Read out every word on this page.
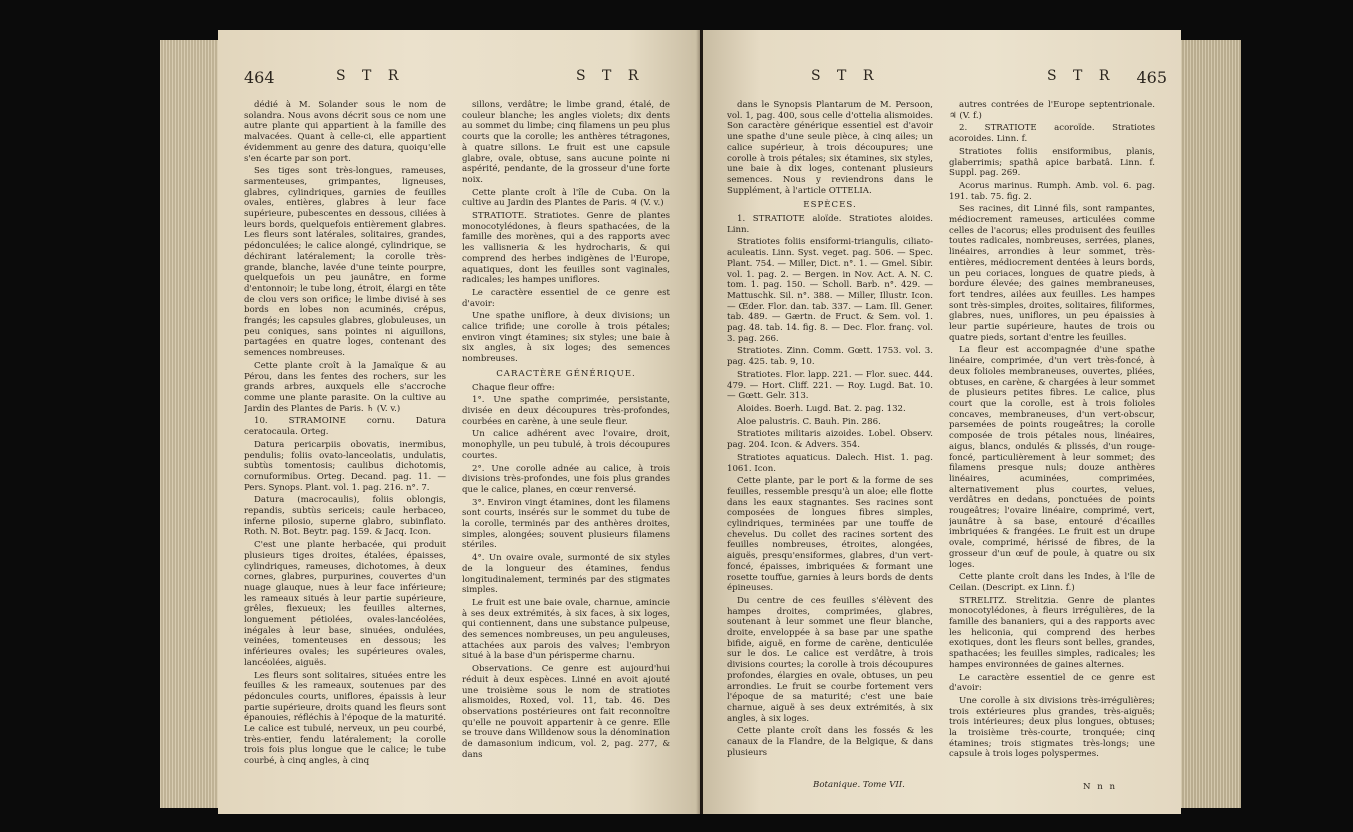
464	S T R	S T R

dédié à M. Solander sous le nom de solandra. Nous avons décrit sous ce nom une autre plante qui appartient à la famille des malvacées. Quant à celle-ci, elle appartient évidemment au genre des datura, quoiqu'elle s'en écarte par son port.

Ses tiges sont très-longues, rameuses, sarmenteuses, grimpantes, ligneuses, glabres, cylindriques, garnies de feuilles ovales, entières, glabres à leur face supérieure, pubescentes en dessous, ciliées à leurs bords, quelquefois entièrement glabres. Les fleurs sont latérales, solitaires, grandes, pédonculées; le calice alongé, cylindrique, se déchirant latéralement; la corolle très-grande, blanche, lavée d'une teinte pourpre, quelquefois un peu jaunâtre, en forme d'entonnoir; le tube long, étroit, élargi en tête de clou vers son orifice; le limbe divisé à ses bords en lobes non acuminés, crépus, frangés; les capsules glabres, globuleuses, un peu coniques, sans pointes ni aiguillons, partagées en quatre loges, contenant des semences nombreuses.

Cette plante croît à la Jamaïque & au Pérou, dans les fentes des rochers, sur les grands arbres, auxquels elle s'accroche comme une plante parasite. On la cultive au Jardin des Plantes de Paris. ♄ (V. v.)

10. STRAMOINE cornu. Datura ceratocaula. Orteg.

Datura pericarpiis obovatis, inermibus, pendulis; foliis ovato-lanceolatis, undulatis, subtùs tomentosis; caulibus dichotomis, cornuformibus. Orteg. Decand. pag. 11. — Pers. Synops. Plant. vol. 1. pag. 216. n°. 7.

Datura (macrocaulis), foliis oblongis, repandis, subtùs sericeis; caule herbaceo, inferne pilosio, superne glabro, subinflato. Roth. N. Bot. Beytr. pag. 159. & Jacq. Icon.

C'est une plante herbacée, qui produit plusieurs tiges droites, étalées, épaisses, cylindriques, rameuses, dichotomes, à deux cornes, glabres, purpurines, couvertes d'un nuage glauque, nues à leur face inférieure; les rameaux situés à leur partie supérieure, grêles, flexueux; les feuilles alternes, longuement pétiolées, ovales-lancéolées, inégales à leur base, sinuées, ondulées, veinées, tomenteuses en dessous; les inférieures ovales; les supérieures ovales, lancéolées, aiguës.

Les fleurs sont solitaires, situées entre les feuilles & les rameaux, soutenues par des pédoncules courts, uniflores, épaissis à leur partie supérieure, droits quand les fleurs sont épanouies, réfléchis à l'époque de la maturité. Le calice est tubulé, nerveux, un peu courbé, très-entier, fendu latéralement; la corolle trois fois plus longue que le calice; le tube courbé, à cinq angles, à cinq

sillons, verdâtre; le limbe grand, étalé, de couleur blanche; les angles violets; dix dents au sommet du limbe; cinq filamens un peu plus courts que la corolle; les anthères tétragones, à quatre sillons. Le fruit est une capsule glabre, ovale, obtuse, sans aucune pointe ni aspérité, pendante, de la grosseur d'une forte noix.

Cette plante croît à l'île de Cuba. On la cultive au Jardin des Plantes de Paris. ♃ (V. v.)

STRATIOTE. Stratiotes. Genre de plantes monocotylédones, à fleurs spathacées, de la famille des morènes, qui a des rapports avec les vallisneria & les hydrocharis, & qui comprend des herbes indigènes de l'Europe, aquatiques, dont les feuilles sont vaginales, radicales; les hampes uniflores.

Le caractère essentiel de ce genre est d'avoir:

Une spathe uniflore, à deux divisions; un calice trifide; une corolle à trois pétales; environ vingt étamines; six styles; une baie à six angles, à six loges; des semences nombreuses.

CARACTÈRE GÉNÉRIQUE.

Chaque fleur offre:

1°. Une spathe comprimée, persistante, divisée en deux découpures très-profondes, courbées en carène, à une seule fleur.

Un calice adhérent avec l'ovaire, droit, monophylle, un peu tubulé, à trois découpures courtes.

2°. Une corolle adnée au calice, à trois divisions très-profondes, une fois plus grandes que le calice, planes, en cœur renversé.

3°. Environ vingt étamines, dont les filamens sont courts, insérés sur le sommet du tube de la corolle, terminés par des anthères droites, simples, alongées; souvent plusieurs filamens stériles.

4°. Un ovaire ovale, surmonté de six styles de la longueur des étamines, fendus longitudinalement, terminés par des stigmates simples.

Le fruit est une baie ovale, charnue, amincie à ses deux extrémités, à six faces, à six loges, qui contiennent, dans une substance pulpeuse, des semences nombreuses, un peu anguleuses, attachées aux parois des valves; l'embryon situé à la base d'un périsperme charnu.

Observations. Ce genre est aujourd'hui réduit à deux espèces. Linné en avoit ajouté une troisième sous le nom de stratiotes alismoides, Roxed, vol. 11, tab. 46. Des observations postérieures ont fait reconnoître qu'elle ne pouvoit appartenir à ce genre. Elle se trouve dans Willdenow sous la dénomination de damasonium indicum, vol. 2, pag. 277, & dans

S T R	S T R 465

dans le Synopsis Plantarum de M. Persoon, vol. 1, pag. 400, sous celle d'ottelia alismoides. Son caractère générique essentiel est d'avoir une spathe d'une seule pièce, à cinq ailes; un calice supérieur, à trois découpures; une corolle à trois pétales; six étamines, six styles, une baie à dix loges, contenant plusieurs semences. Nous y reviendrons dans le Supplément, à l'article OTTELIA.

ESPÈCES.

1. STRATIOTE aloïde. Stratiotes aloides. Linn.

Stratiotes foliis ensiformi-triangulis, ciliato-aculeatis. Linn. Syst. veget. pag. 506. — Spec. Plant. 754. — Miller, Dict. n°. 1. — Gmel. Sibir. vol. 1. pag. 2. — Bergen. in Nov. Act. A. N. C. tom. 1. pag. 150. — Scholl. Barb. n°. 429. — Mattuschk. Sil. n°. 388. — Miller, Illustr. Icon. — Œder. Flor. dan. tab. 337. — Lam. Ill. Gener. tab. 489. — Gærtn. de Fruct. & Sem. vol. 1. pag. 48. tab. 14. fig. 8. — Dec. Flor. franç. vol. 3. pag. 266.

Stratiotes. Zinn. Comm. Gœtt. 1753. vol. 3. pag. 425. tab. 9, 10.

Stratiotes. Flor. lapp. 221. — Flor. suec. 444. 479. — Hort. Cliff. 221. — Roy. Lugd. Bat. 10. — Gœtt. Gelr. 313.

Aloides. Boerh. Lugd. Bat. 2. pag. 132.

Aloe palustris. C. Bauh. Pin. 286.

Stratiotes militaris aizoides. Lobel. Observ. pag. 204. Icon. & Advers. 354.

Stratiotes aquaticus. Dalech. Hist. 1. pag. 1061. Icon.

Cette plante, par le port & la forme de ses feuilles, ressemble presqu'à un aloe; elle flotte dans les eaux stagnantes. Ses racines sont composées de longues fibres simples, cylindriques, terminées par une touffe de chevelus. Du collet des racines sortent des feuilles nombreuses, étroites, alongées, aiguës, presqu'ensiformes, glabres, d'un vert-foncé, épaisses, imbriquées & formant une rosette touffue, garnies à leurs bords de dents épineuses.

Du centre de ces feuilles s'élèvent des hampes droites, comprimées, glabres, soutenant à leur sommet une fleur blanche, droite, enveloppée à sa base par une spathe bifide, aiguë, en forme de carène, denticulée sur le dos. Le calice est verdâtre, à trois divisions courtes; la corolle à trois découpures profondes, élargies en ovale, obtuses, un peu arrondies. Le fruit se courbe fortement vers l'époque de sa maturité; c'est une baie charnue, aiguë à ses deux extrémités, à six angles, à six loges.

Cette plante croît dans les fossés & les canaux de la Flandre, de la Belgique, & dans plusieurs

Botanique. Tome VII.

autres contrées de l'Europe septentrionale. ♃ (V. f.)

2. STRATIOTE acoroïde. Stratiotes acoroides. Linn. f.

Stratiotes foliis ensiformibus, planis, glaberrimis; spathâ apice barbatâ. Linn. f. Suppl. pag. 269.

Acorus marinus. Rumph. Amb. vol. 6. pag. 191. tab. 75. fig. 2.

Ses racines, dit Linné fils, sont rampantes, médiocrement rameuses, articulées comme celles de l'acorus; elles produisent des feuilles toutes radicales, nombreuses, serrées, planes, linéaires, arrondies à leur sommet, très-entières, médiocrement dentées à leurs bords, un peu coriaces, longues de quatre pieds, à bordure élevée; des gaines membraneuses, fort tendres, ailées aux feuilles. Les hampes sont très-simples, droites, solitaires, filiformes, glabres, nues, uniflores, un peu épaissies à leur partie supérieure, hautes de trois ou quatre pieds, sortant d'entre les feuilles.

La fleur est accompagnée d'une spathe linéaire, comprimée, d'un vert très-foncé, à deux folioles membraneuses, ouvertes, pliées, obtuses, en carène, & chargées à leur sommet de plusieurs petites fibres. Le calice, plus court que la corolle, est à trois folioles concaves, membraneuses, d'un vert-obscur, parsemées de points rougeâtres; la corolle composée de trois pétales nous, linéaires, aigus, blancs, ondulés & plissés, d'un rouge-foncé, particulièrement à leur sommet; des filamens presque nuls; douze anthères linéaires, acuminées, comprimées, alternativement plus courtes, velues, verdâtres en dedans, ponctuées de points rougeâtres; l'ovaire linéaire, comprimé, vert, jaunâtre à sa base, entouré d'écailles imbriquées & frangées. Le fruit est un drupe ovale, comprimé, hérissé de fibres, de la grosseur d'un œuf de poule, à quatre ou six loges.

Cette plante croît dans les Indes, à l'île de Ceilan. (Descript. ex Linn. f.)

STRELITZ. Strelitzia. Genre de plantes monocotylédones, à fleurs irrégulières, de la famille des bananiers, qui a des rapports avec les heliconia, qui comprend des herbes exotiques, dont les fleurs sont belles, grandes, spathacées; les feuilles simples, radicales; les hampes environnées de gaines alternes.

Le caractère essentiel de ce genre est d'avoir:

Une corolle à six divisions très-irrégulières; trois extérieures plus grandes, très-aiguës; trois intérieures; deux plus longues, obtuses; la troisième très-courte, tronquée; cinq étamines; trois stigmates très-longs; une capsule à trois loges polyspermes.

N n n
